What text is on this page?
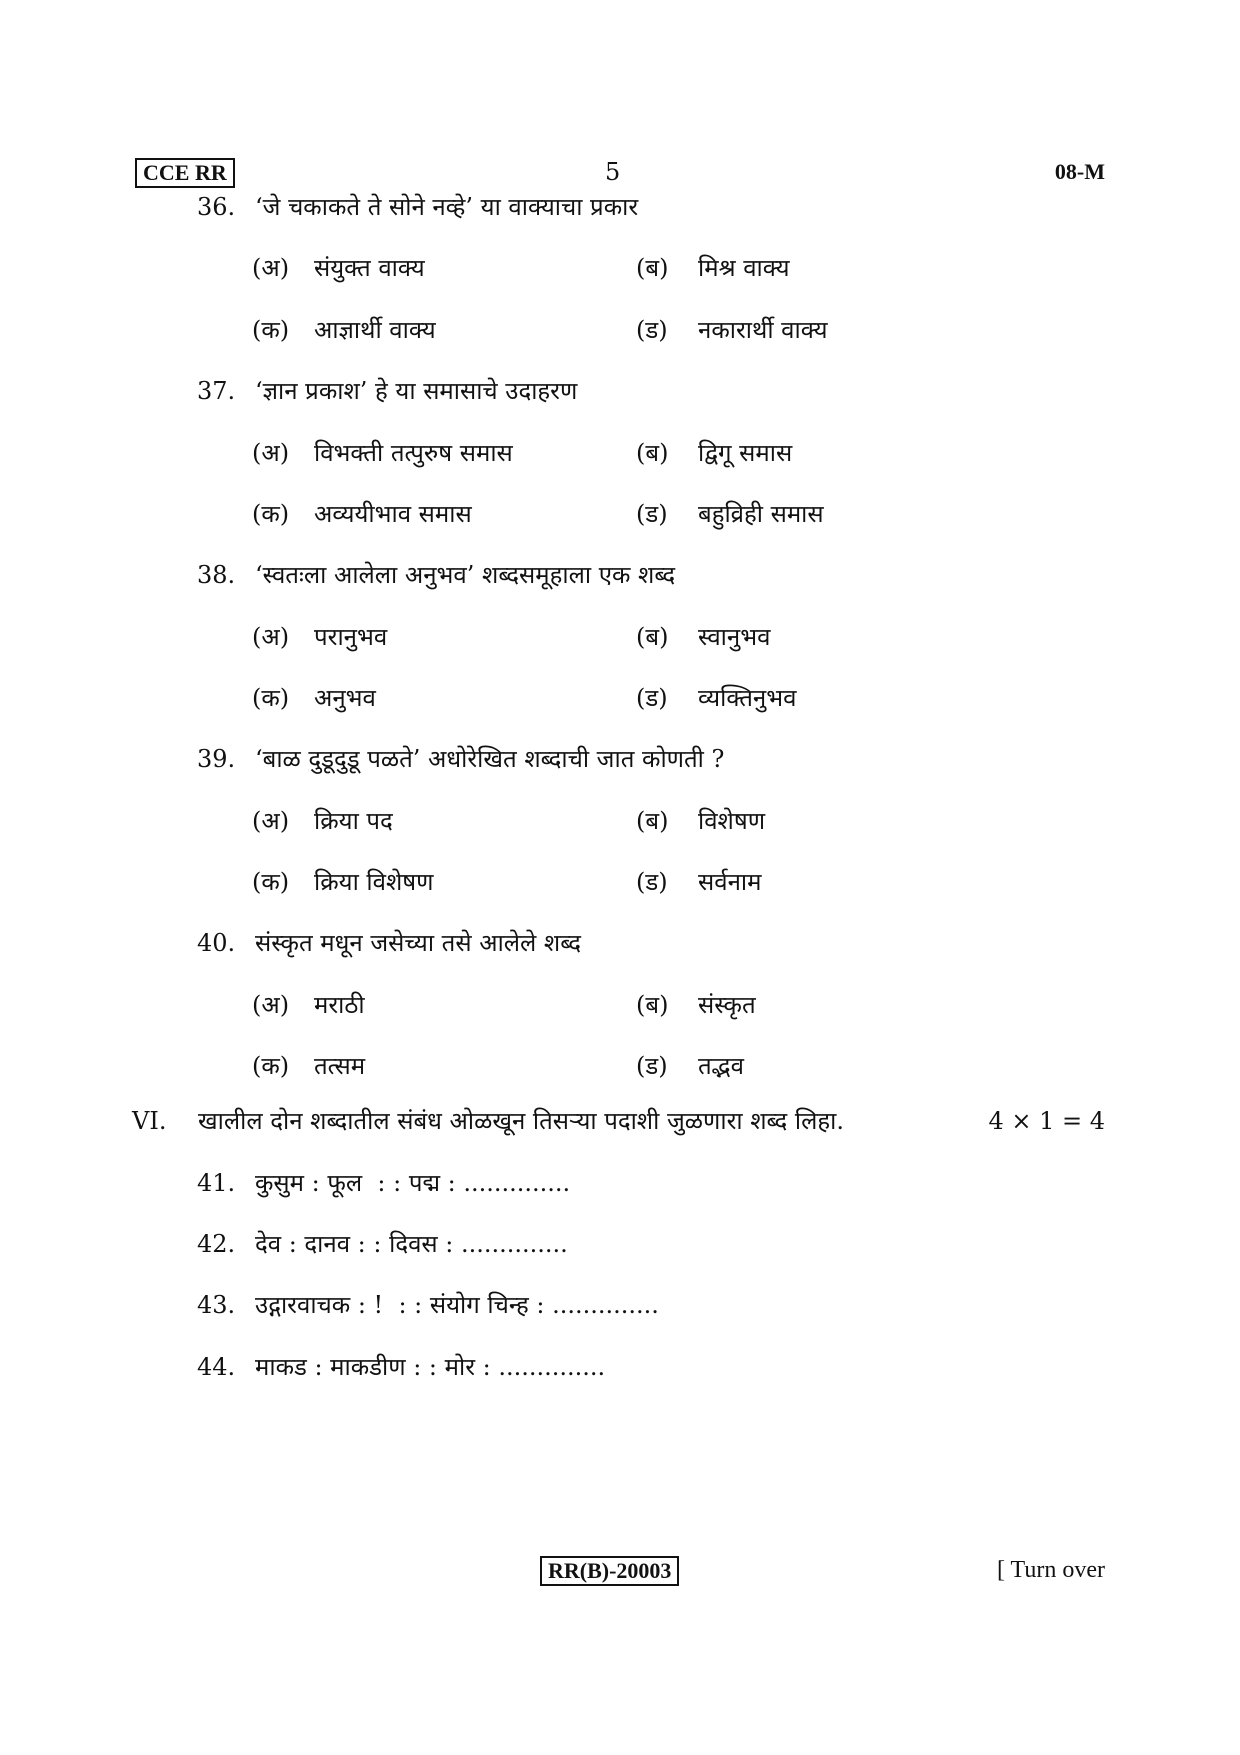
CCE RR	5	08-M
36. ‘जे चकाकते ते सोने नव्हे’ या वाक्याचा प्रकार
(अ) संयुक्त वाक्य	(ब) मिश्र वाक्य
(क) आज्ञार्थी वाक्य	(ड) नकारार्थी वाक्य
37. ‘ज्ञान प्रकाश’ हे या समासाचे उदाहरण
(अ) विभक्ती तत्पुरुष समास	(ब) द्विगू समास
(क) अव्ययीभाव समास	(ड) बहुव्रिही समास
38. ‘स्वतःला आलेला अनुभव’ शब्दसमूहाला एक शब्द
(अ) परानुभव	(ब) स्वानुभव
(क) अनुभव	(ड) व्यक्तिनुभव
39. ‘बाळ दुडूदुडू पळते’ अधोरेखित शब्दाची जात कोणती ?
(अ) क्रिया पद	(ब) विशेषण
(क) क्रिया विशेषण	(ड) सर्वनाम
40. संस्कृत मधून जसेच्या तसे आलेले शब्द
(अ) मराठी	(ब) संस्कृत
(क) तत्सम	(ड) तद्भव
VI. खालील दोन शब्दातील संबंध ओळखून तिसऱ्या पदाशी जुळणारा शब्द लिहा.	4 × 1 = 4
41. कुसुम : फूल  : : पद्म : ..............
42. देव : दानव : : दिवस : ..............
43. उद्गारवाचक : !  : : संयोग चिन्ह : ..............
44. माकड : माकडीण : : मोर : ..............
RR(B)-20003	[ Turn over
